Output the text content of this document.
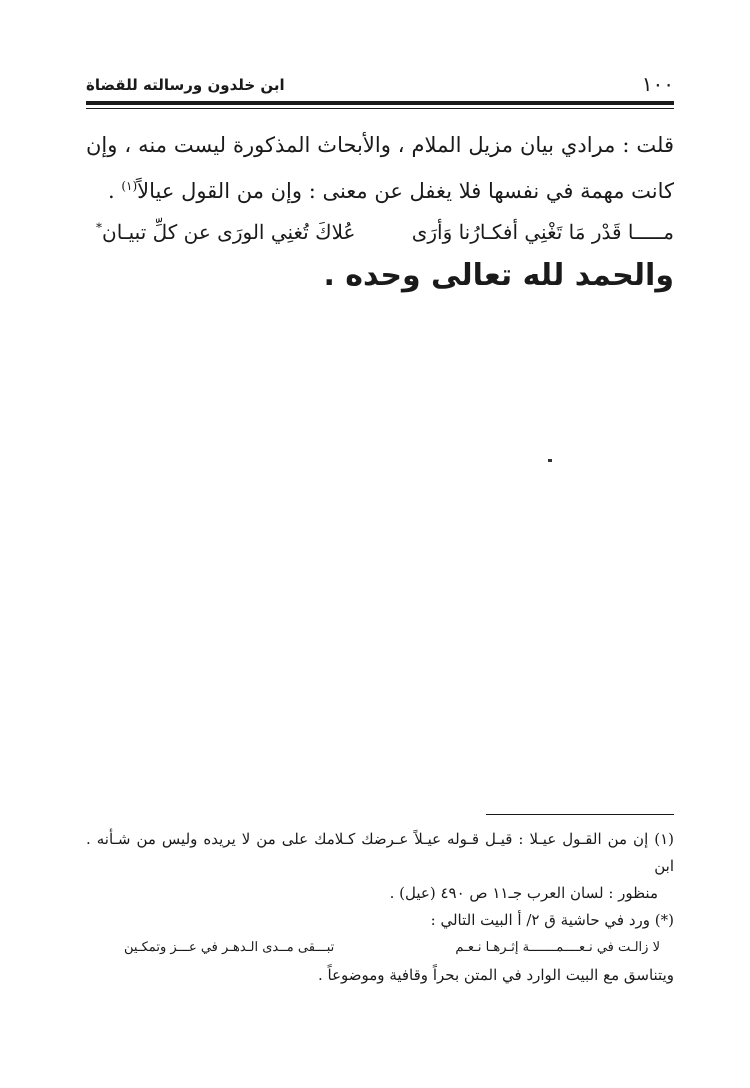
١٠٠
ابن خلدون ورسالته للقضاة
قلت : مرادي بيان مزيل الملام ، والأبحاث المذكورة ليست منه ، وإن كانت مهمة في نفسها فلا يغفل عن معنى : وإن من القول عيالاً$^{(١)}$ .
مـــــا قَدْر مَا تَغْنِي أفكـارُنا وَأرَى
عُلاكَ تُغنِي الورَى عن كلِّ تبيـان*
والحمد لله تعالى وحده .

(١) إن من القـول عيـلا : قيـل قـوله عيـلاً عـرضك كـلامك على من لا يريده وليس من شـأنه . ابن

منظور : لسان العرب جـ١١ ص ٤٩٠ (عيل) .

(*) ورد في حاشية ق ٢/ أ البيت التالي :

لا زالـت في نـعــــمـــــــة إثـرهـا نـعـم
تبـــقى مــدى الـدهـر في عـــز وتمكـين

ويتناسق مع البيت الوارد في المتن بحراً وقافية وموضوعاً .
